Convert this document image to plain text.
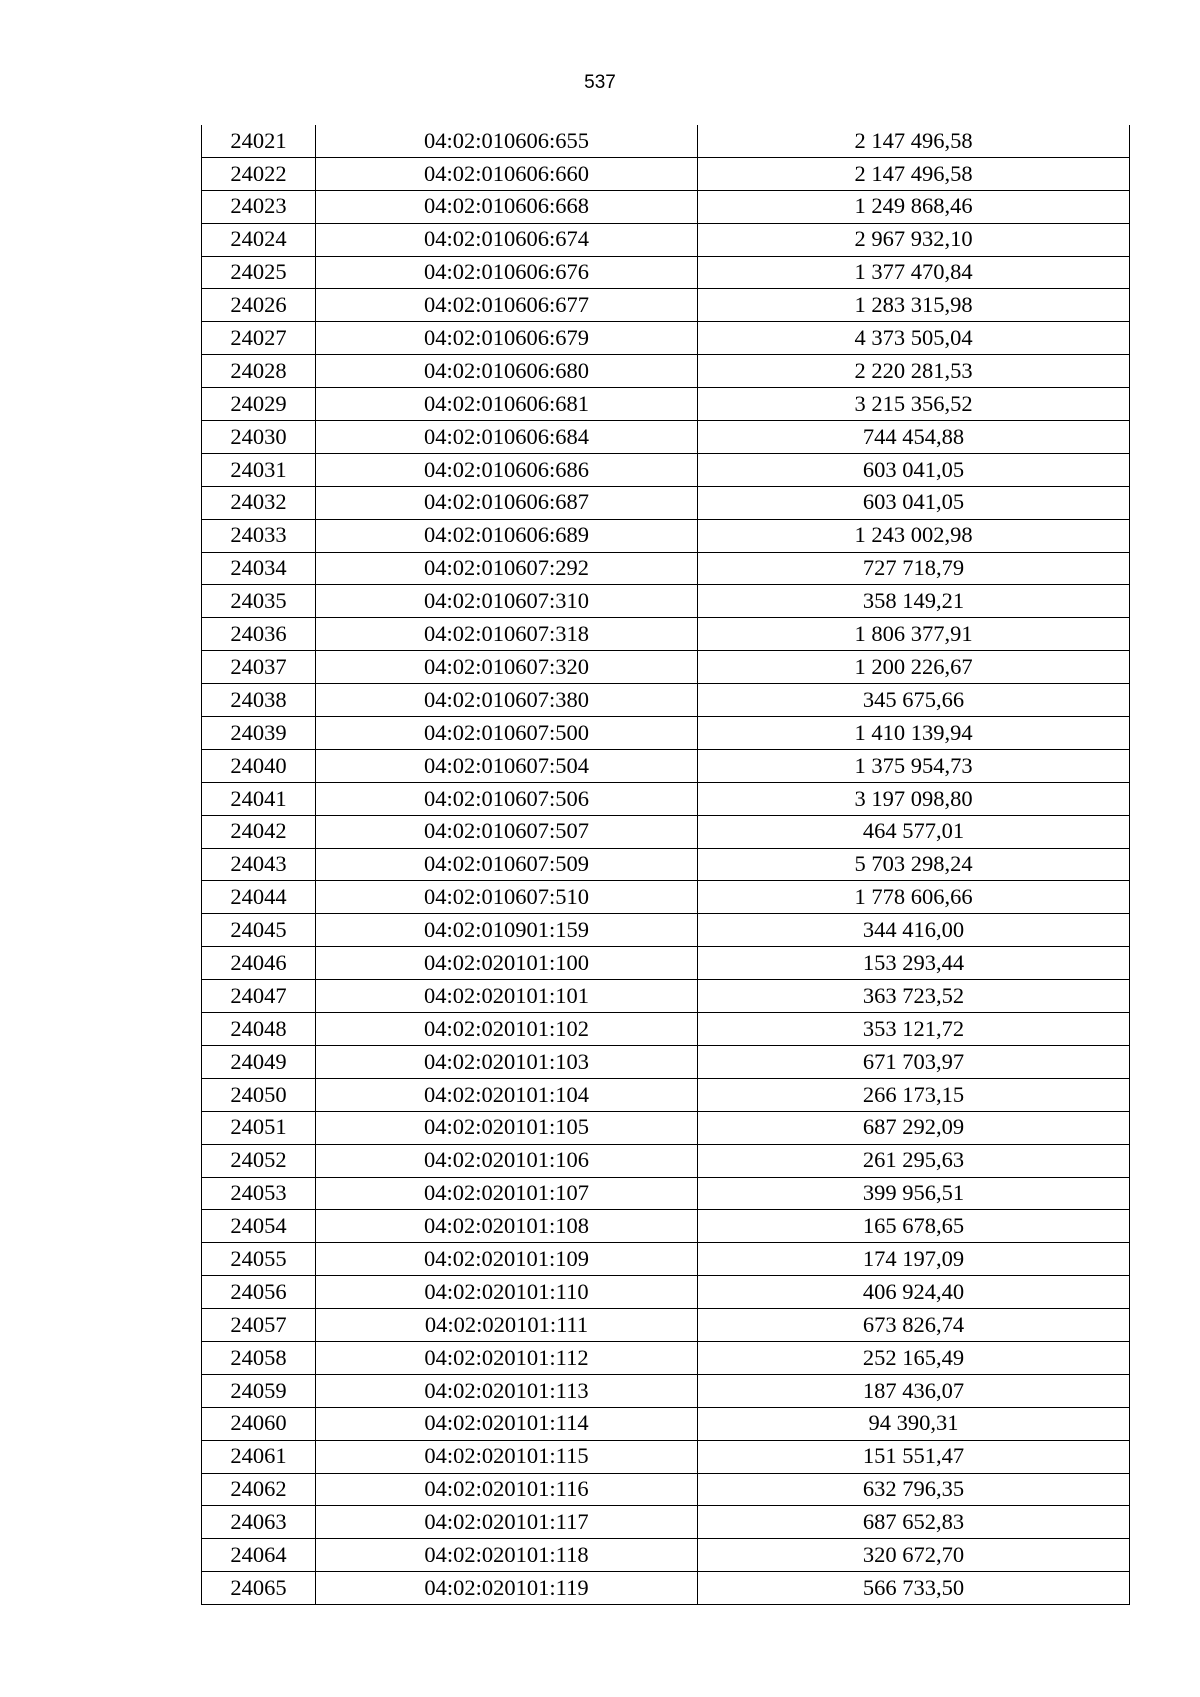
537
24021	04:02:010606:655	2 147 496,58
24022	04:02:010606:660	2 147 496,58
24023	04:02:010606:668	1 249 868,46
24024	04:02:010606:674	2 967 932,10
24025	04:02:010606:676	1 377 470,84
24026	04:02:010606:677	1 283 315,98
24027	04:02:010606:679	4 373 505,04
24028	04:02:010606:680	2 220 281,53
24029	04:02:010606:681	3 215 356,52
24030	04:02:010606:684	744 454,88
24031	04:02:010606:686	603 041,05
24032	04:02:010606:687	603 041,05
24033	04:02:010606:689	1 243 002,98
24034	04:02:010607:292	727 718,79
24035	04:02:010607:310	358 149,21
24036	04:02:010607:318	1 806 377,91
24037	04:02:010607:320	1 200 226,67
24038	04:02:010607:380	345 675,66
24039	04:02:010607:500	1 410 139,94
24040	04:02:010607:504	1 375 954,73
24041	04:02:010607:506	3 197 098,80
24042	04:02:010607:507	464 577,01
24043	04:02:010607:509	5 703 298,24
24044	04:02:010607:510	1 778 606,66
24045	04:02:010901:159	344 416,00
24046	04:02:020101:100	153 293,44
24047	04:02:020101:101	363 723,52
24048	04:02:020101:102	353 121,72
24049	04:02:020101:103	671 703,97
24050	04:02:020101:104	266 173,15
24051	04:02:020101:105	687 292,09
24052	04:02:020101:106	261 295,63
24053	04:02:020101:107	399 956,51
24054	04:02:020101:108	165 678,65
24055	04:02:020101:109	174 197,09
24056	04:02:020101:110	406 924,40
24057	04:02:020101:111	673 826,74
24058	04:02:020101:112	252 165,49
24059	04:02:020101:113	187 436,07
24060	04:02:020101:114	94 390,31
24061	04:02:020101:115	151 551,47
24062	04:02:020101:116	632 796,35
24063	04:02:020101:117	687 652,83
24064	04:02:020101:118	320 672,70
24065	04:02:020101:119	566 733,50
